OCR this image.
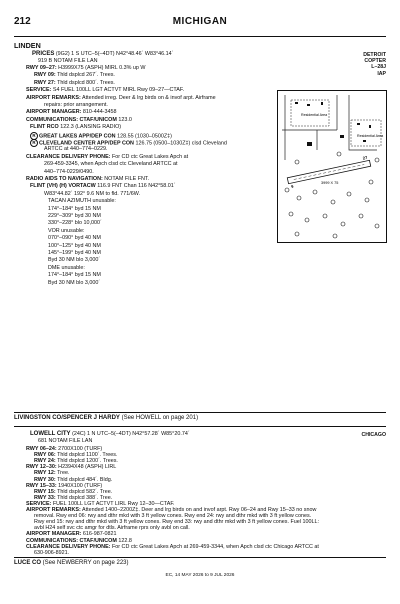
212	MICHIGAN
LINDEN
PRICES (9G2) 1 S UTC–5(–4DT) N42°48.46´ W83°46.14´
919 B NOTAM FILE LAN
DETROIT
COPTER
L–28J
IAP
RWY 09–27: H3999X75 (ASPH) MIRL 0.3% up W
RWY 09: Thld dsplcd 267´. Trees.
RWY 27: Thld dsplcd 800´. Trees.
SERVICE: S4 FUEL 100LL LGT ACTVT MIRL Rwy 09–27—CTAF.
AIRPORT REMARKS: Attended irreg. Deer & lrg birds on & invof arpt. Airframe
repairs: prior arrangement.
AIRPORT MANAGER: 810-444-3458
COMMUNICATIONS: CTAF/UNICOM 123.0
FLINT RCO 122.3 (LANSING RADIO)
R GREAT LAKES APP/DEP CON 128.55 (1030–0500Z‡)
R CLEVELAND CENTER APP/DEP CON 126.75 (0500–1030Z‡) clsd Cleveland
ARTCC at 440–774–0229.
CLEARANCE DELIVERY PHONE: For CD ctc Great Lakes Apch at
269-459-3345, when Apch clsd ctc Cleveland ARTCC at
440–774-0229/0490.
RADIO AIDS TO NAVIGATION: NOTAM FILE FNT.
FLINT (VH) (H) VORTACW 116.9 FNT Chan 116 N42°58.01´
W83°44.82´ 192° 9.6 NM to fld. 771/6W.
TACAN AZIMUTH unusable:
174°–184° byd 15 NM
229°–309° byd 30 NM
330°–228° blo 10,000´
VOR unusable:
070°–090° byd 40 NM
100°–125° byd 40 NM
145°–199° byd 40 NM
Byd 30 NM blo 3,000´
DME unusable:
174°–184° byd 15 NM
Byd 30 NM blo 3,000´
Residential Area
Residential Area
9
27
3999 X 75
LIVINGSTON CO/SPENCER J HARDY (See HOWELL on page 201)
LOWELL CITY (24C) 1 N UTC–5(–4DT) N42°57.28´ W85°20.74´
681 NOTAM FILE LAN
CHICAGO
RWY 06–24: 2700X100 (TURF)
RWY 06: Thld dsplcd 1100´. Trees.
RWY 24: Thld dsplcd 1200´. Trees.
RWY 12–30: H2394X48 (ASPH) LIRL
RWY 12: Tree.
RWY 30: Thld dsplcd 484´. Bldg.
RWY 15–33: 1940X100 (TURF)
RWY 15: Thld dsplcd 582´. Tree.
RWY 33: Thld dsplcd 388´. Tree.
SERVICE: FUEL 100LL LGT ACTVT LIRL Rwy 12–30—CTAF.
AIRPORT REMARKS: Attended 1400–2200Z‡. Deer and lrg birds on and invof arpt. Rwy 06–24 and Rwy 15–33 no snow
removal. Rwy end 06: rwy and dthr mkd with 3 ft yellow cones. Rwy end 24: rwy and dthr mkd with 3 ft yellow cones.
Rwy end 15: rwy and dthr mkd with 3 ft yellow cones. Rwy end 33: rwy and dthr mkd with 3 ft yellow cones. Fuel 100LL:
avbl H24 self svc ctc amgr for dtls. Airframe rprs only avbl on call.
AIRPORT MANAGER: 616-987-0821
COMMUNICATIONS: CTAF/UNICOM 122.8
CLEARANCE DELIVERY PHONE: For CD ctc Great Lakes Apch at 269-459-3344, when Apch clsd ctc Chicago ARTCC at
630-906-8921.
LUCE CO (See NEWBERRY on page 223)
EC, 14 MAY 2026 to 9 JUL 2026
